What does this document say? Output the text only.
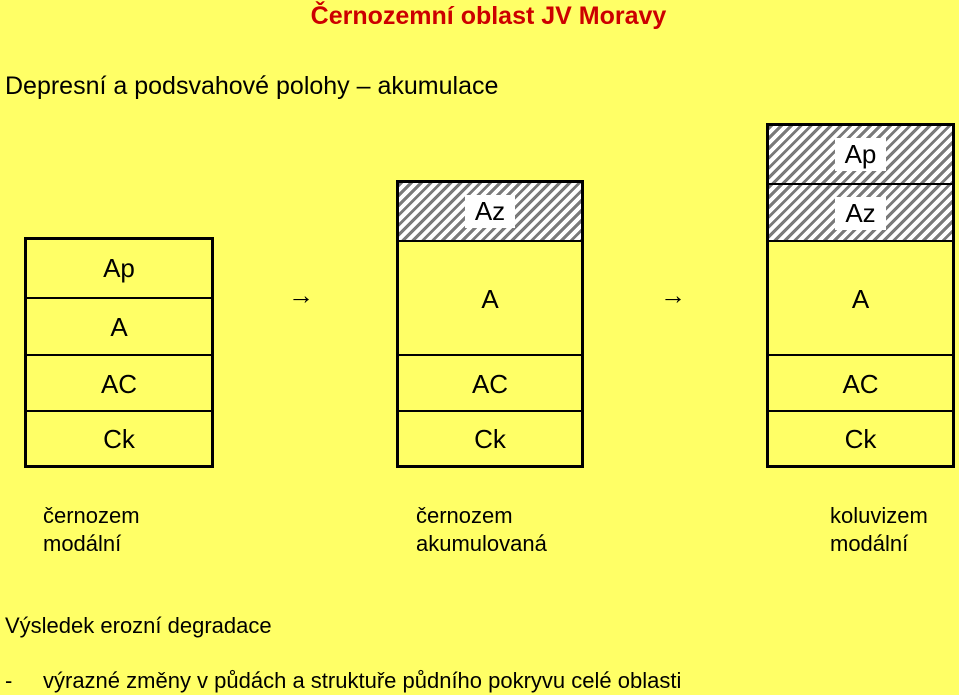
Černozemní oblast JV Moravy
Depresní a podsvahové polohy – akumulace
Ap
A
AC
Ck
→
Az
A
AC
Ck
→
Ap
Az
A
AC
Ck
černozem
modální
černozem
akumulovaná
koluvizem
modální
Výsledek erozní degradace
- výrazné změny v půdách a struktuře půdního pokryvu celé oblasti
